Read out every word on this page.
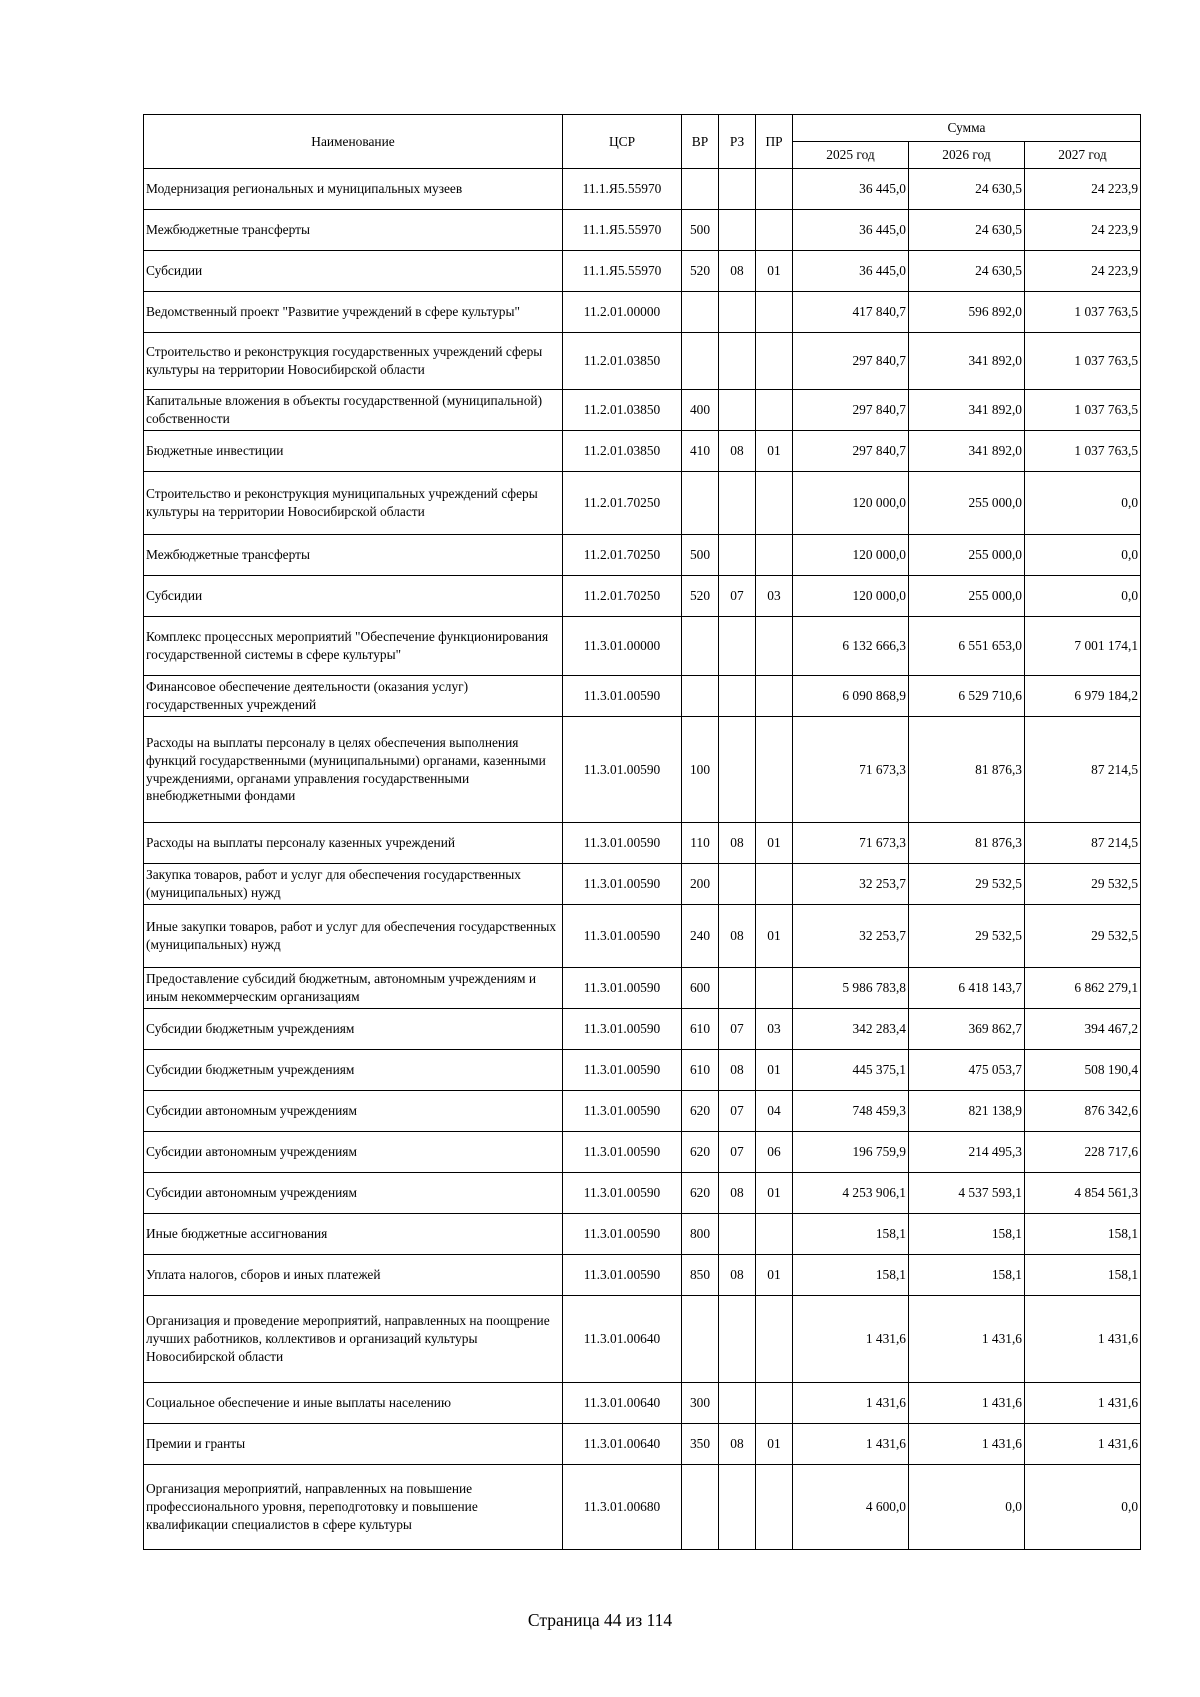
Наименование	ЦСР	ВР	РЗ	ПР	Сумма		
					2025 год	2026 год	2027 год
Модернизация региональных и муниципальных музеев	11.1.Я5.55970				36 445,0	24 630,5	24 223,9
Межбюджетные трансферты	11.1.Я5.55970	500			36 445,0	24 630,5	24 223,9
Субсидии	11.1.Я5.55970	520	08	01	36 445,0	24 630,5	24 223,9
Ведомственный проект "Развитие учреждений в сфере культуры"	11.2.01.00000				417 840,7	596 892,0	1 037 763,5
Строительство и реконструкция государственных учреждений сферы культуры на территории Новосибирской области	11.2.01.03850				297 840,7	341 892,0	1 037 763,5
Капитальные вложения в объекты государственной (муниципальной) собственности	11.2.01.03850	400			297 840,7	341 892,0	1 037 763,5
Бюджетные инвестиции	11.2.01.03850	410	08	01	297 840,7	341 892,0	1 037 763,5
Строительство и реконструкция муниципальных учреждений сферы культуры на территории Новосибирской области	11.2.01.70250				120 000,0	255 000,0	0,0
Межбюджетные трансферты	11.2.01.70250	500			120 000,0	255 000,0	0,0
Субсидии	11.2.01.70250	520	07	03	120 000,0	255 000,0	0,0
Комплекс процессных мероприятий "Обеспечение функционирования государственной системы в сфере культуры"	11.3.01.00000				6 132 666,3	6 551 653,0	7 001 174,1
Финансовое обеспечение деятельности (оказания услуг) государственных учреждений	11.3.01.00590				6 090 868,9	6 529 710,6	6 979 184,2
Расходы на выплаты персоналу в целях обеспечения выполнения функций государственными (муниципальными) органами, казенными учреждениями, органами управления государственными внебюджетными фондами	11.3.01.00590	100			71 673,3	81 876,3	87 214,5
Расходы на выплаты персоналу казенных учреждений	11.3.01.00590	110	08	01	71 673,3	81 876,3	87 214,5
Закупка товаров, работ и услуг для обеспечения государственных (муниципальных) нужд	11.3.01.00590	200			32 253,7	29 532,5	29 532,5
Иные закупки товаров, работ и услуг для обеспечения государственных (муниципальных) нужд	11.3.01.00590	240	08	01	32 253,7	29 532,5	29 532,5
Предоставление субсидий бюджетным, автономным учреждениям и иным некоммерческим организациям	11.3.01.00590	600			5 986 783,8	6 418 143,7	6 862 279,1
Субсидии бюджетным учреждениям	11.3.01.00590	610	07	03	342 283,4	369 862,7	394 467,2
Субсидии бюджетным учреждениям	11.3.01.00590	610	08	01	445 375,1	475 053,7	508 190,4
Субсидии автономным учреждениям	11.3.01.00590	620	07	04	748 459,3	821 138,9	876 342,6
Субсидии автономным учреждениям	11.3.01.00590	620	07	06	196 759,9	214 495,3	228 717,6
Субсидии автономным учреждениям	11.3.01.00590	620	08	01	4 253 906,1	4 537 593,1	4 854 561,3
Иные бюджетные ассигнования	11.3.01.00590	800			158,1	158,1	158,1
Уплата налогов, сборов и иных платежей	11.3.01.00590	850	08	01	158,1	158,1	158,1
Организация и проведение мероприятий, направленных на поощрение лучших работников, коллективов и организаций культуры Новосибирской области	11.3.01.00640				1 431,6	1 431,6	1 431,6
Социальное обеспечение и иные выплаты населению	11.3.01.00640	300			1 431,6	1 431,6	1 431,6
Премии и гранты	11.3.01.00640	350	08	01	1 431,6	1 431,6	1 431,6
Организация мероприятий, направленных на повышение профессионального уровня, переподготовку и повышение квалификации специалистов в сфере культуры	11.3.01.00680				4 600,0	0,0	0,0
Страница 44 из 114
